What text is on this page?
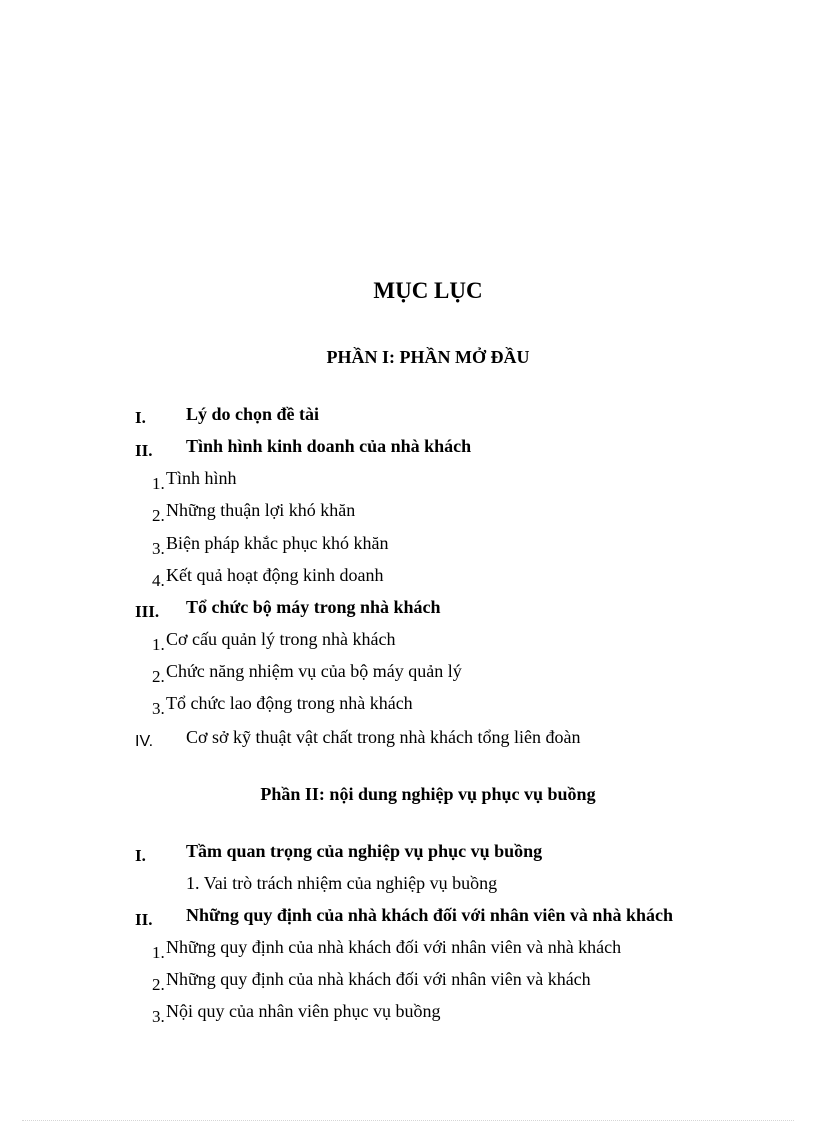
MỤC LỤC
PHẦN I: PHẦN MỞ ĐẦU
I. Lý do chọn đề tài
II. Tình hình kinh doanh của nhà khách
1. Tình hình
2. Những thuận lợi khó khăn
3. Biện pháp khắc phục khó khăn
4. Kết quả hoạt động kinh doanh
III. Tổ chức bộ máy trong nhà khách
1. Cơ cấu quản lý trong nhà khách
2. Chức năng nhiệm vụ của bộ máy quản lý
3. Tổ chức lao động trong nhà khách
IV. Cơ sở kỹ thuật vật chất trong nhà khách tổng liên đoàn
Phần II: nội dung nghiệp vụ phục vụ buồng
I. Tầm quan trọng của nghiệp vụ phục vụ buồng
1. Vai trò trách nhiệm của nghiệp vụ buồng
II. Những quy định của nhà khách đối với nhân viên và nhà khách
1. Những quy định của nhà khách đối với nhân viên và nhà khách
2. Những quy định của nhà khách đối với nhân viên và khách
3. Nội quy của nhân viên phục vụ buồng
